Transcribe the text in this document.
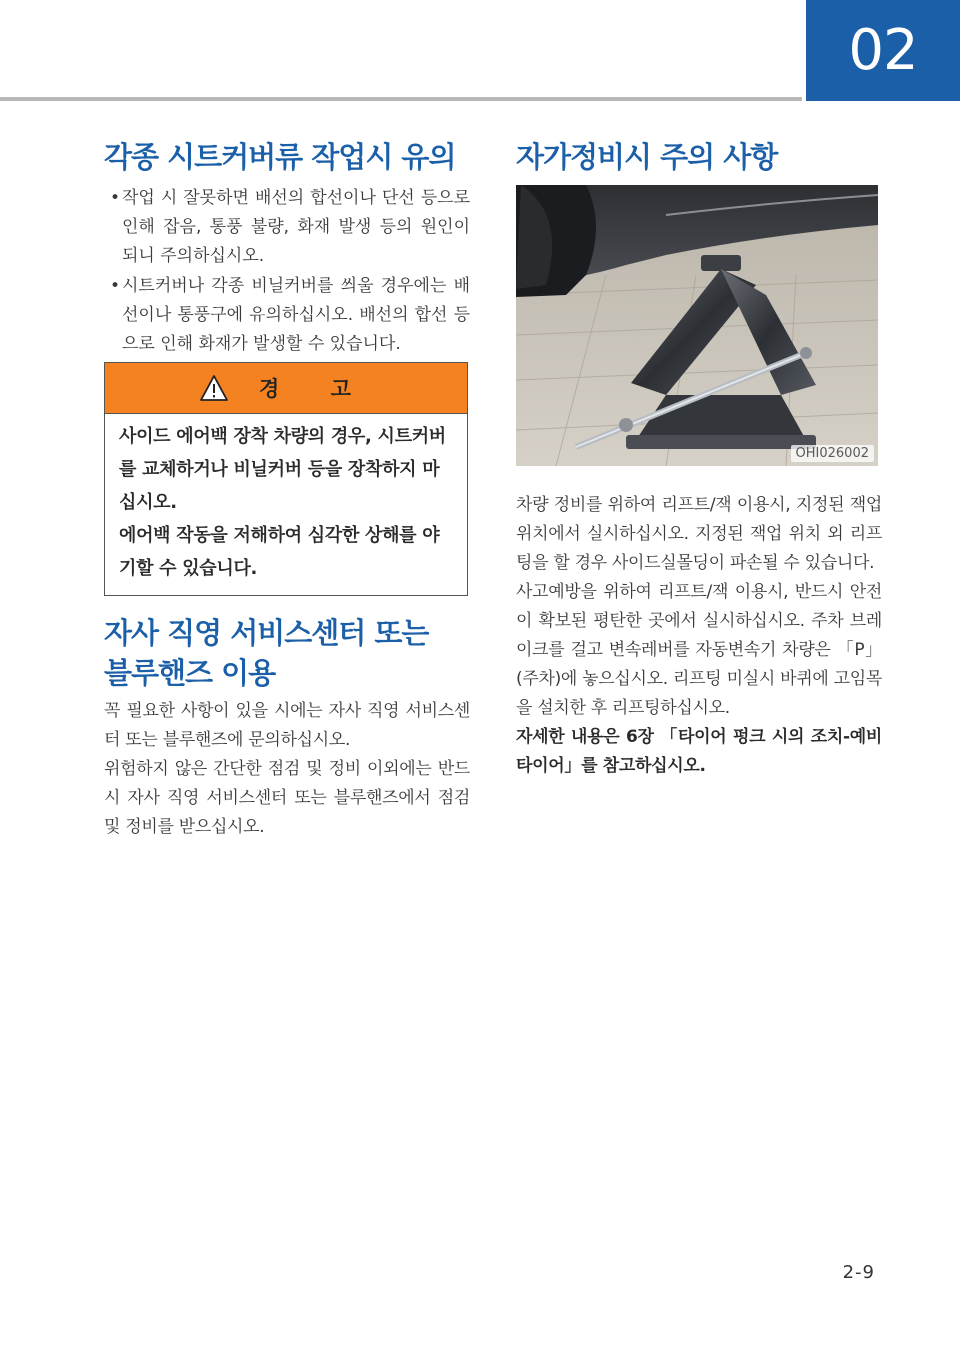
02
각종 시트커버류 작업시 유의
• 작업 시 잘못하면 배선의 합선이나 단선 등으로 인해 잡음, 통풍 불량, 화재 발생 등의 원인이 되니 주의하십시오.
• 시트커버나 각종 비닐커버를 씌울 경우에는 배선이나 통풍구에 유의하십시오. 배선의 합선 등으로 인해 화재가 발생할 수 있습니다.
경 고

사이드 에어백 장착 차량의 경우, 시트커버를 교체하거나 비닐커버 등을 장착하지 마십시오.

에어백 작동을 저해하여 심각한 상해를 야기할 수 있습니다.

자사 직영 서비스센터 또는
블루핸즈 이용

꼭 필요한 사항이 있을 시에는 자사 직영 서비스센터 또는 블루핸즈에 문의하십시오.

위험하지 않은 간단한 점검 및 정비 이외에는 반드시 자사 직영 서비스센터 또는 블루핸즈에서 점검 및 정비를 받으십시오.

자가정비시 주의 사항
OHI026002

차량 정비를 위하여 리프트/잭 이용시, 지정된 잭업 위치에서 실시하십시오. 지정된 잭업 위치 외 리프팅을 할 경우 사이드실몰딩이 파손될 수 있습니다.

사고예방을 위하여 리프트/잭 이용시, 반드시 안전이 확보된 평탄한 곳에서 실시하십시오. 주차 브레이크를 걸고 변속레버를 자동변속기 차량은 「P」(주차)에 놓으십시오. 리프팅 미실시 바퀴에 고임목을 설치한 후 리프팅하십시오.

자세한 내용은 6장 「타이어 펑크 시의 조치-예비타이어」를 참고하십시오.

2-9
